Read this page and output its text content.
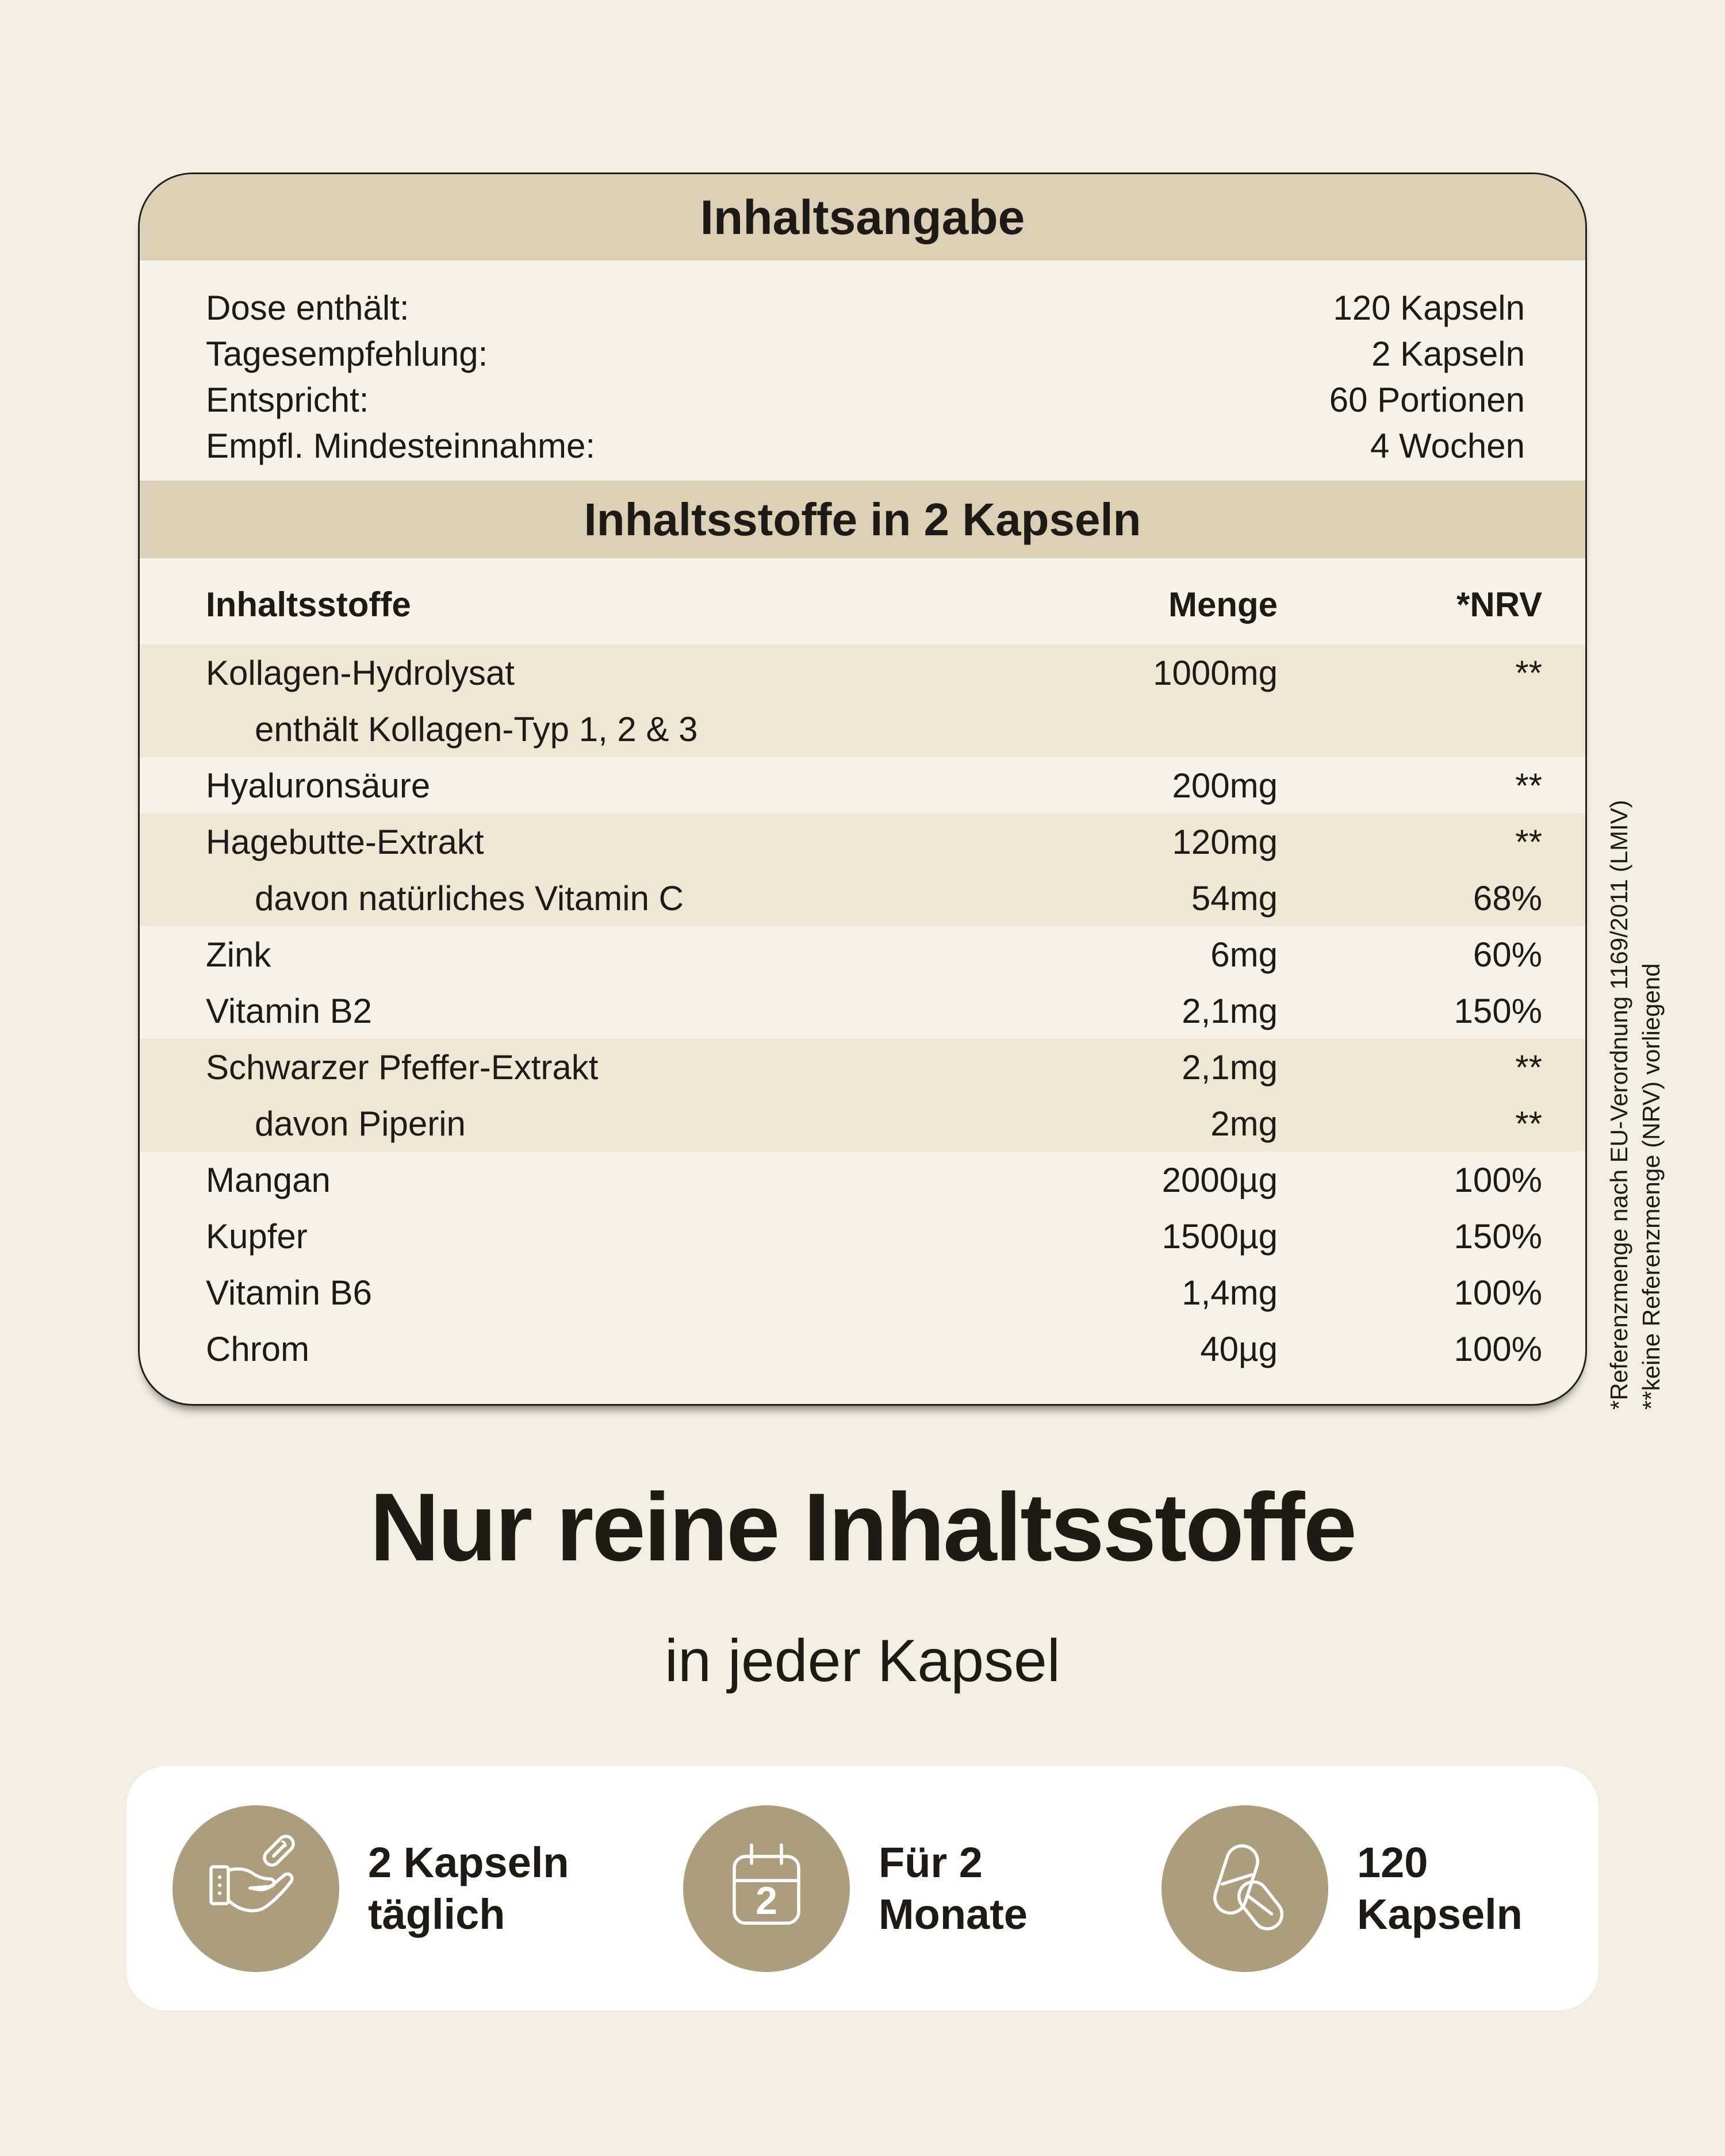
Inhaltsangabe
Dose enthält:	120 Kapseln
Tagesempfehlung:	2 Kapseln
Entspricht:	60 Portionen
Empfl. Mindesteinnahme:	4 Wochen
Inhaltsstoffe in 2 Kapseln
Inhaltsstoffe	Menge	*NRV
Kollagen-Hydrolysat	1000mg	**
enthält Kollagen-Typ 1, 2 & 3
Hyaluronsäure	200mg	**
Hagebutte-Extrakt	120mg	**
davon natürliches Vitamin C	54mg	68%
Zink	6mg	60%
Vitamin B2	2,1mg	150%
Schwarzer Pfeffer-Extrakt	2,1mg	**
davon Piperin	2mg	**
Mangan	2000µg	100%
Kupfer	1500µg	150%
Vitamin B6	1,4mg	100%
Chrom	40µg	100%	*Referenzmenge nach EU-Verordnung 1169/2011 (LMIV) **keine Referenzmenge (NRV) vorliegend
Nur reine Inhaltsstoffe
in jeder Kapsel
2 Kapseln
täglich	2
Für 2
Monate
120
Kapseln
